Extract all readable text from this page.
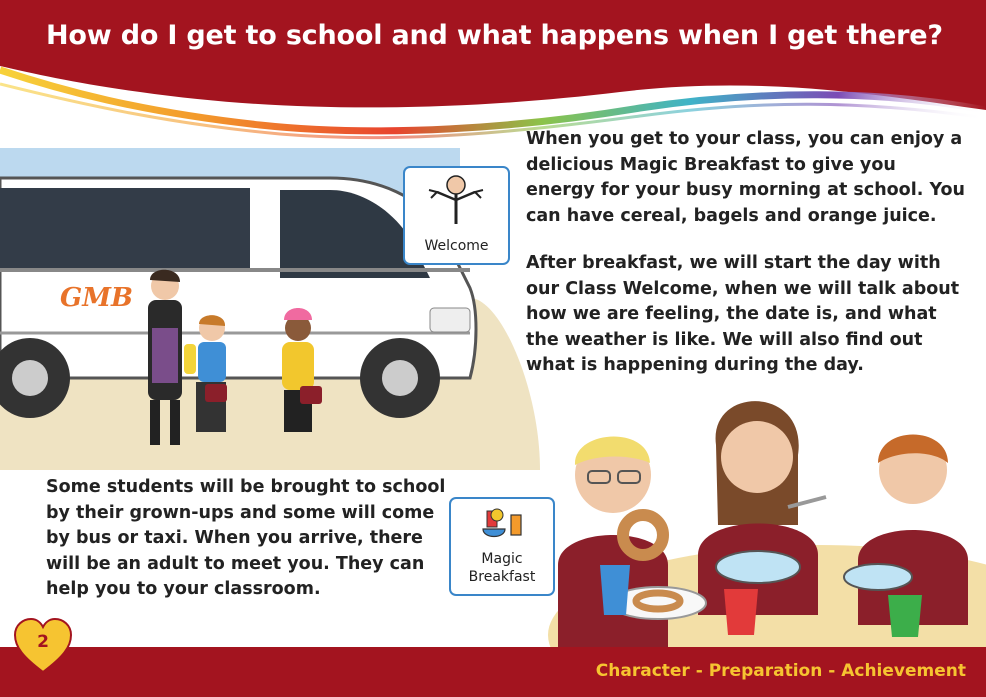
How do I get to school and what happens when I get there?
GMB
Welcome

When you get to your class, you can enjoy a delicious Magic Breakfast to give you energy for your busy morning at school. You can have cereal, bagels and orange juice.

After breakfast, we will start the day with our Class Welcome, when we will talk about how we are feeling, the date is, and what the weather is like. We will also find out what is happening during the day.

Some students will be brought to school by their grown-ups and some will come by bus or taxi. When you arrive, there will be an adult to meet you. They can help you to your classroom.

Magic
Breakfast

Character - Preparation - Achievement

2
